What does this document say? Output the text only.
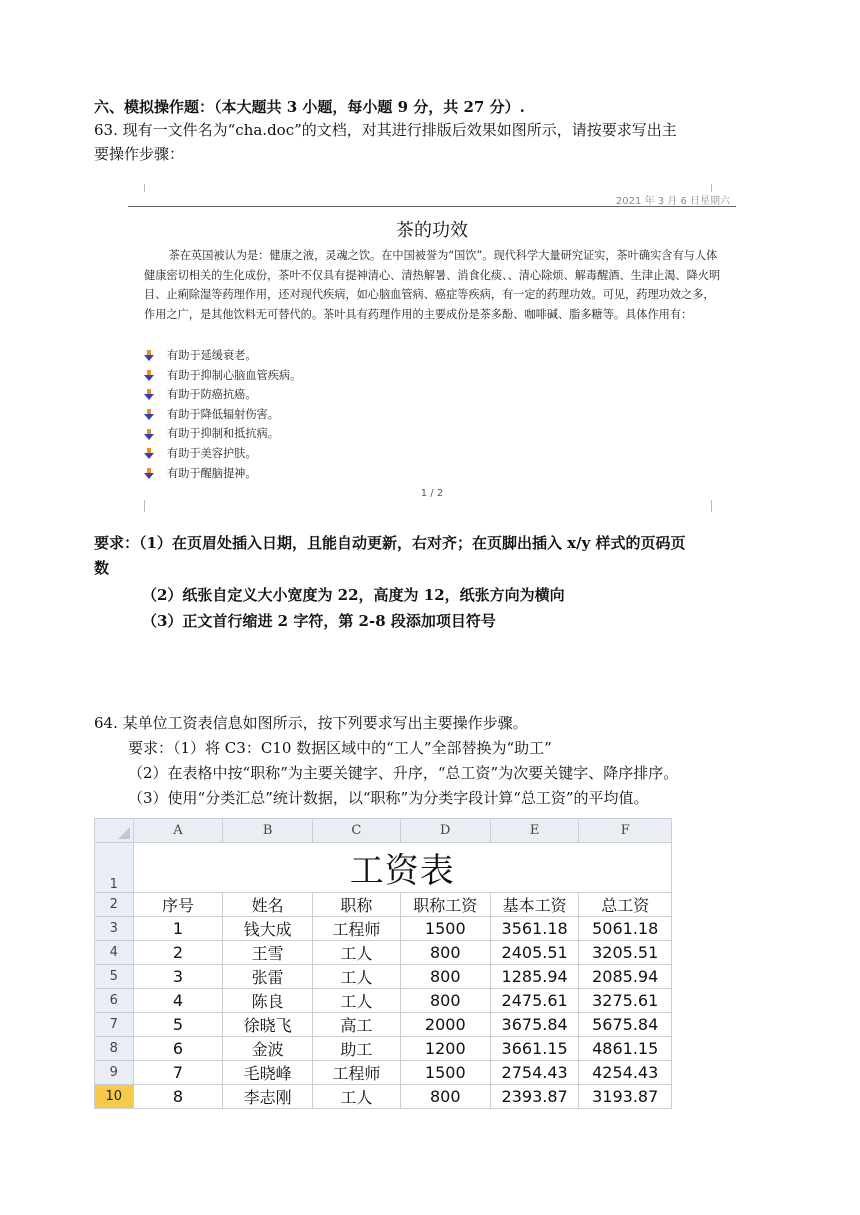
六、模拟操作题：（本大题共 3 小题，每小题 9 分，共 27 分）.
63. 现有一文件名为“cha.doc”的文档，对其进行排版后效果如图所示，请按要求写出主
要操作步骤：
2021 年 3 月 6 日星期六
茶的功效

茶在英国被认为是：健康之液，灵魂之饮。在中国被誉为“国饮”。现代科学大量研究证实，茶叶确实含有与人体健康密切相关的生化成份，茶叶不仅具有提神清心、清热解暑、消食化痰、、清心除烦、解毒醒酒、生津止渴、降火明目、止痢除湿等药理作用，还对现代疾病，如心脑血管病、癌症等疾病，有一定的药理功效。可见，药理功效之多，作用之广，是其他饮料无可替代的。茶叶具有药理作用的主要成份是茶多酚、咖啡碱、脂多糖等。具体作用有：

有助于延缓衰老。
有助于抑制心脑血管疾病。
有助于防癌抗癌。
有助于降低辐射伤害。
有助于抑制和抵抗病。
有助于美容护肤。
有助于醒脑提神。
1 / 2
要求：（1）在页眉处插入日期，且能自动更新，右对齐；在页脚出插入 x/y 样式的页码页
数
（2）纸张自定义大小宽度为 22，高度为 12，纸张方向为横向
（3）正文首行缩进 2 字符，第 2-8 段添加项目符号
64. 某单位工资表信息如图所示，按下列要求写出主要操作步骤。
要求：（1）将 C3：C10 数据区域中的“工人”全部替换为“助工”
（2）在表格中按“职称”为主要关键字、升序，“总工资”为次要关键字、降序排序。
（3）使用“分类汇总”统计数据，以“职称”为分类字段计算“总工资”的平均值。
	A	B	C	D	E	F
1	工资表					
2	序号	姓名	职称	职称工资	基本工资	总工资
3	1	钱大成	工程师	1500	3561.18	5061.18
4	2	王雪	工人	800	2405.51	3205.51
5	3	张雷	工人	800	1285.94	2085.94
6	4	陈良	工人	800	2475.61	3275.61
7	5	徐晓飞	高工	2000	3675.84	5675.84
8	6	金波	助工	1200	3661.15	4861.15
9	7	毛晓峰	工程师	1500	2754.43	4254.43
10	8	李志刚	工人	800	2393.87	3193.87
